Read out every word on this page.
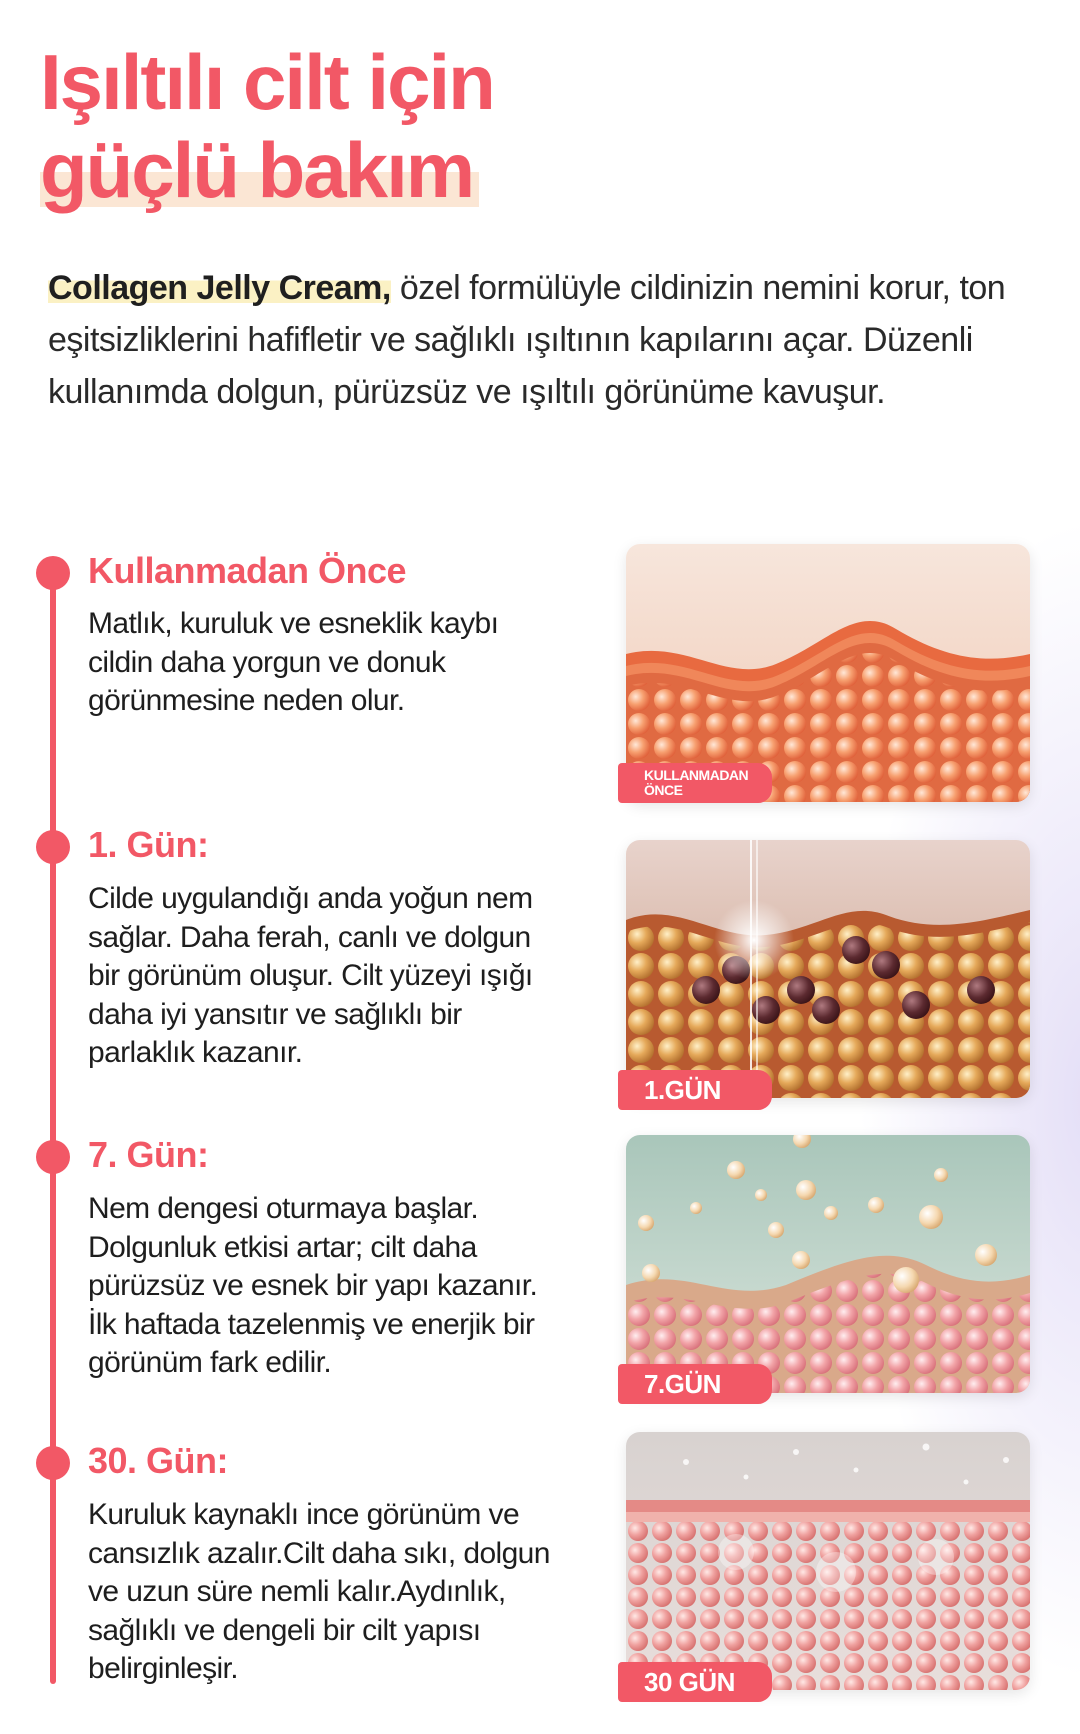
Işıltılı cilt için
güçlü bakım

Collagen Jelly Cream, özel formülüyle cildinizin nemini korur, ton eşitsizliklerini hafifletir ve sağlıklı ışıltının kapılarını açar. Düzenli kullanımda dolgun, pürüzsüz ve ışıltılı görünüme kavuşur.

Kullanmadan Önce

Matlık, kuruluk ve esneklik kaybı cildin daha yorgun ve donuk görünmesine neden olur.

KULLANMADAN
ÖNCE
1. Gün:

Cilde uygulandığı anda yoğun nem sağlar. Daha ferah, canlı ve dolgun bir görünüm oluşur. Cilt yüzeyi ışığı daha iyi yansıtır ve sağlıklı bir parlaklık kazanır.

1.GÜN
7. Gün:

Nem dengesi oturmaya başlar. Dolgunluk etkisi artar; cilt daha pürüzsüz ve esnek bir yapı kazanır. İlk haftada tazelenmiş ve enerjik bir görünüm fark edilir.

7.GÜN
30. Gün:

Kuruluk kaynaklı ince görünüm ve cansızlık azalır.Cilt daha sıkı, dolgun ve uzun süre nemli kalır.Aydınlık, sağlıklı ve dengeli bir cilt yapısı belirginleşir.	30 GÜN
